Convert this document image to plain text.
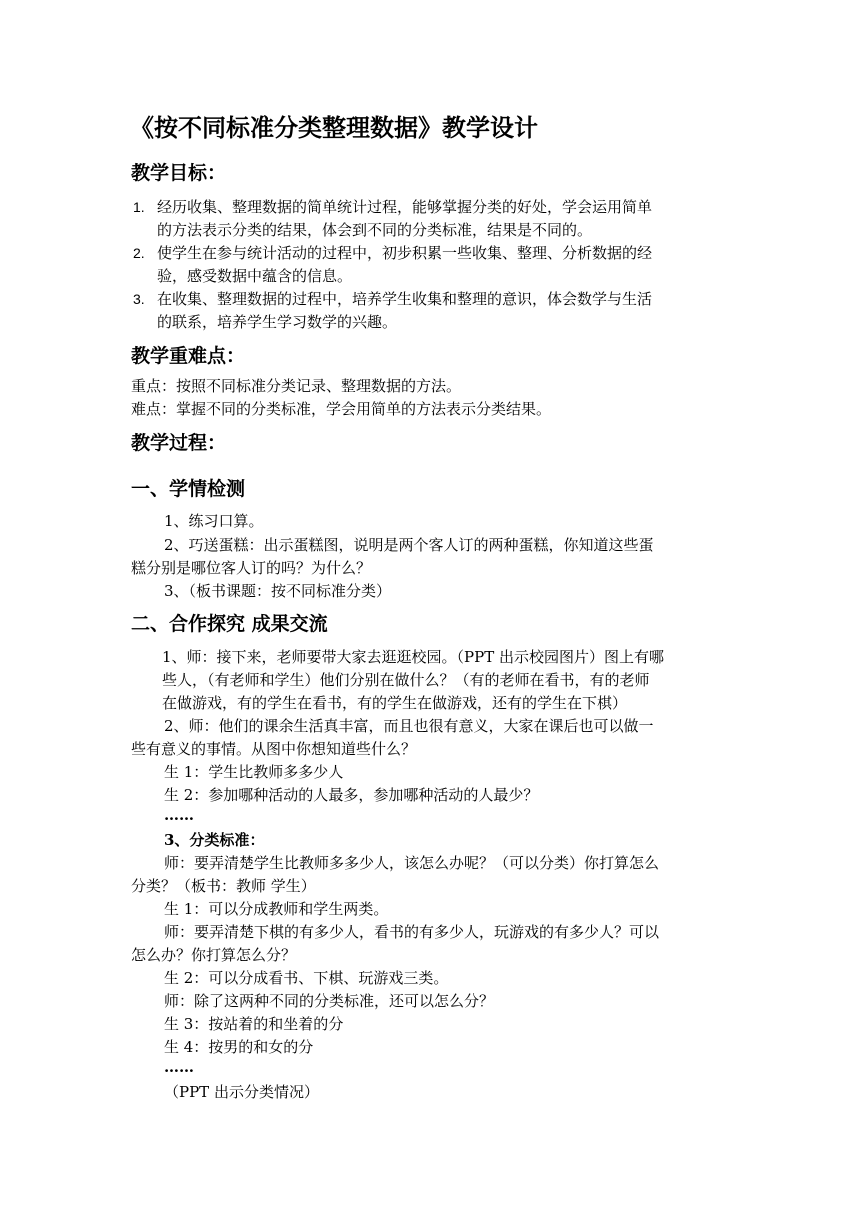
《按不同标准分类整理数据》教学设计
教学目标：
1. 经历收集、整理数据的简单统计过程，能够掌握分类的好处，学会运用简单
的方法表示分类的结果，体会到不同的分类标准，结果是不同的。
2. 使学生在参与统计活动的过程中，初步积累一些收集、整理、分析数据的经
验，感受数据中蕴含的信息。
3. 在收集、整理数据的过程中，培养学生收集和整理的意识，体会数学与生活
的联系，培养学生学习数学的兴趣。
教学重难点：
重点：按照不同标准分类记录、整理数据的方法。
难点：掌握不同的分类标准，学会用简单的方法表示分类结果。
教学过程：
一、学情检测
1、练习口算。
2、巧送蛋糕：出示蛋糕图，说明是两个客人订的两种蛋糕，你知道这些蛋
糕分别是哪位客人订的吗？为什么？
3、（板书课题：按不同标准分类）
二、合作探究 成果交流
1、师：接下来，老师要带大家去逛逛校园。（PPT 出示校园图片）图上有哪
些人，（有老师和学生）他们分别在做什么？（有的老师在看书，有的老师
在做游戏，有的学生在看书，有的学生在做游戏，还有的学生在下棋）
2、师：他们的课余生活真丰富，而且也很有意义，大家在课后也可以做一
些有意义的事情。从图中你想知道些什么？
生 1：学生比教师多多少人
生 2：参加哪种活动的人最多，参加哪种活动的人最少？
……
3、分类标准：
师：要弄清楚学生比教师多多少人，该怎么办呢？（可以分类）你打算怎么
分类？（板书：教师 学生）
生 1：可以分成教师和学生两类。
师：要弄清楚下棋的有多少人，看书的有多少人，玩游戏的有多少人？可以
怎么办？你打算怎么分？
生 2：可以分成看书、下棋、玩游戏三类。
师：除了这两种不同的分类标准，还可以怎么分？
生 3：按站着的和坐着的分
生 4：按男的和女的分
……
（PPT 出示分类情况）
